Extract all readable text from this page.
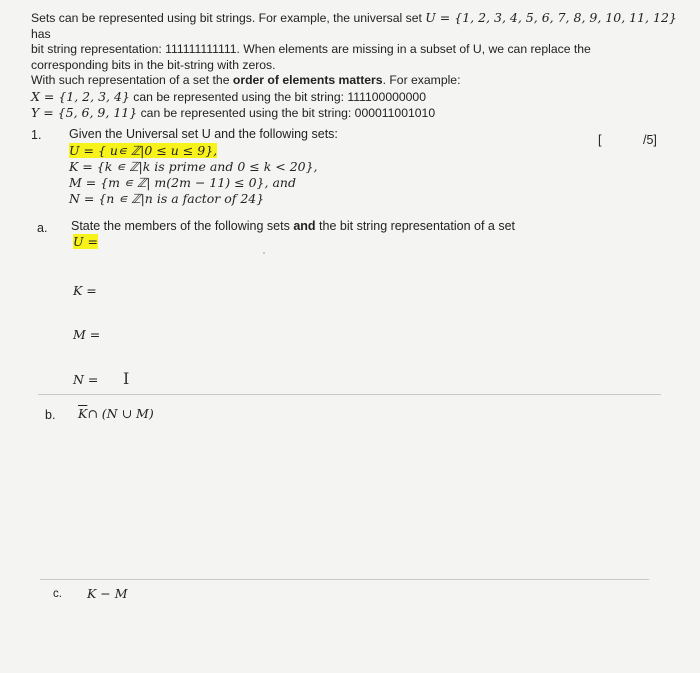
Sets can be represented using bit strings. For example, the universal set U = {1, 2, 3, 4, 5, 6, 7, 8, 9, 10, 11, 12} has

bit string representation: 111111111111. When elements are missing in a subset of U, we can replace the

corresponding bits in the bit-string with zeros.

With such representation of a set the order of elements matters. For example:

X = {1, 2, 3, 4} can be represented using the bit string: 111100000000

Y = {5, 6, 9, 11} can be represented using the bit string: 000011001010

1. Given the Universal set U and the following sets:	[	/5]
U = { u∊ ℤ|0 ≤ u ≤ 9},
K = {k ∊ ℤ|k is prime and 0 ≤ k < 20},
M = {m ∊ ℤ| m(2m − 11) ≤ 0}, and
N = {n ∊ ℤ|n is a factor of 24}
a. State the members of the following sets and the bit string representation of a set
U =
K =
M =
N = I
b. $\overline{K}\cap$ (N ∪ M)
c. K − M
